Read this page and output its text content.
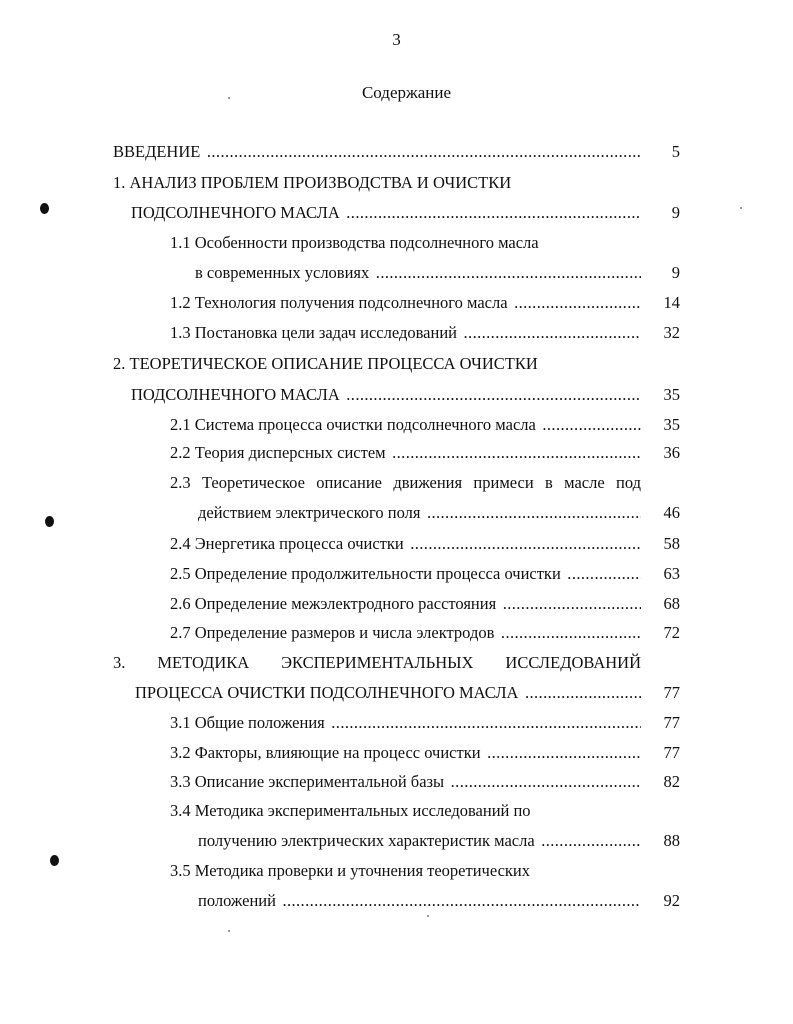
3
Содержание
ВВЕДЕНИЕ .....	5
1. АНАЛИЗ ПРОБЛЕМ ПРОИЗВОДСТВА И ОЧИСТКИ
ПОДСОЛНЕЧНОГО МАСЛА .....	9
1.1 Особенности производства подсолнечного масла
в современных условиях .....	9
1.2 Технология получения подсолнечного масла .....	14
1.3 Постановка цели задач исследований .....	32
2. ТЕОРЕТИЧЕСКОЕ ОПИСАНИЕ ПРОЦЕССА ОЧИСТКИ
ПОДСОЛНЕЧНОГО МАСЛА .....	35
2.1 Система процесса очистки подсолнечного масла .....	35
2.2 Теория дисперсных систем .....	36
2.3 Теоретическое описание движения примеси в масле под
действием электрического поля .....	46
2.4 Энергетика процесса очистки .....	58
2.5 Определение продолжительности процесса очистки .....	63
2.6 Определение межэлектродного расстояния .....	68
2.7 Определение размеров и числа электродов .....	72
3. МЕТОДИКА ЭКСПЕРИМЕНТАЛЬНЫХ ИССЛЕДОВАНИЙ
ПРОЦЕССА ОЧИСТКИ ПОДСОЛНЕЧНОГО МАСЛА .....	77
3.1 Общие положения .....	77
3.2 Факторы, влияющие на процесс очистки .....	77
3.3 Описание экспериментальной базы .....	82
3.4 Методика экспериментальных исследований по
получению электрических характеристик масла .....	88
3.5 Методика проверки и уточнения теоретических
положений .....	92
